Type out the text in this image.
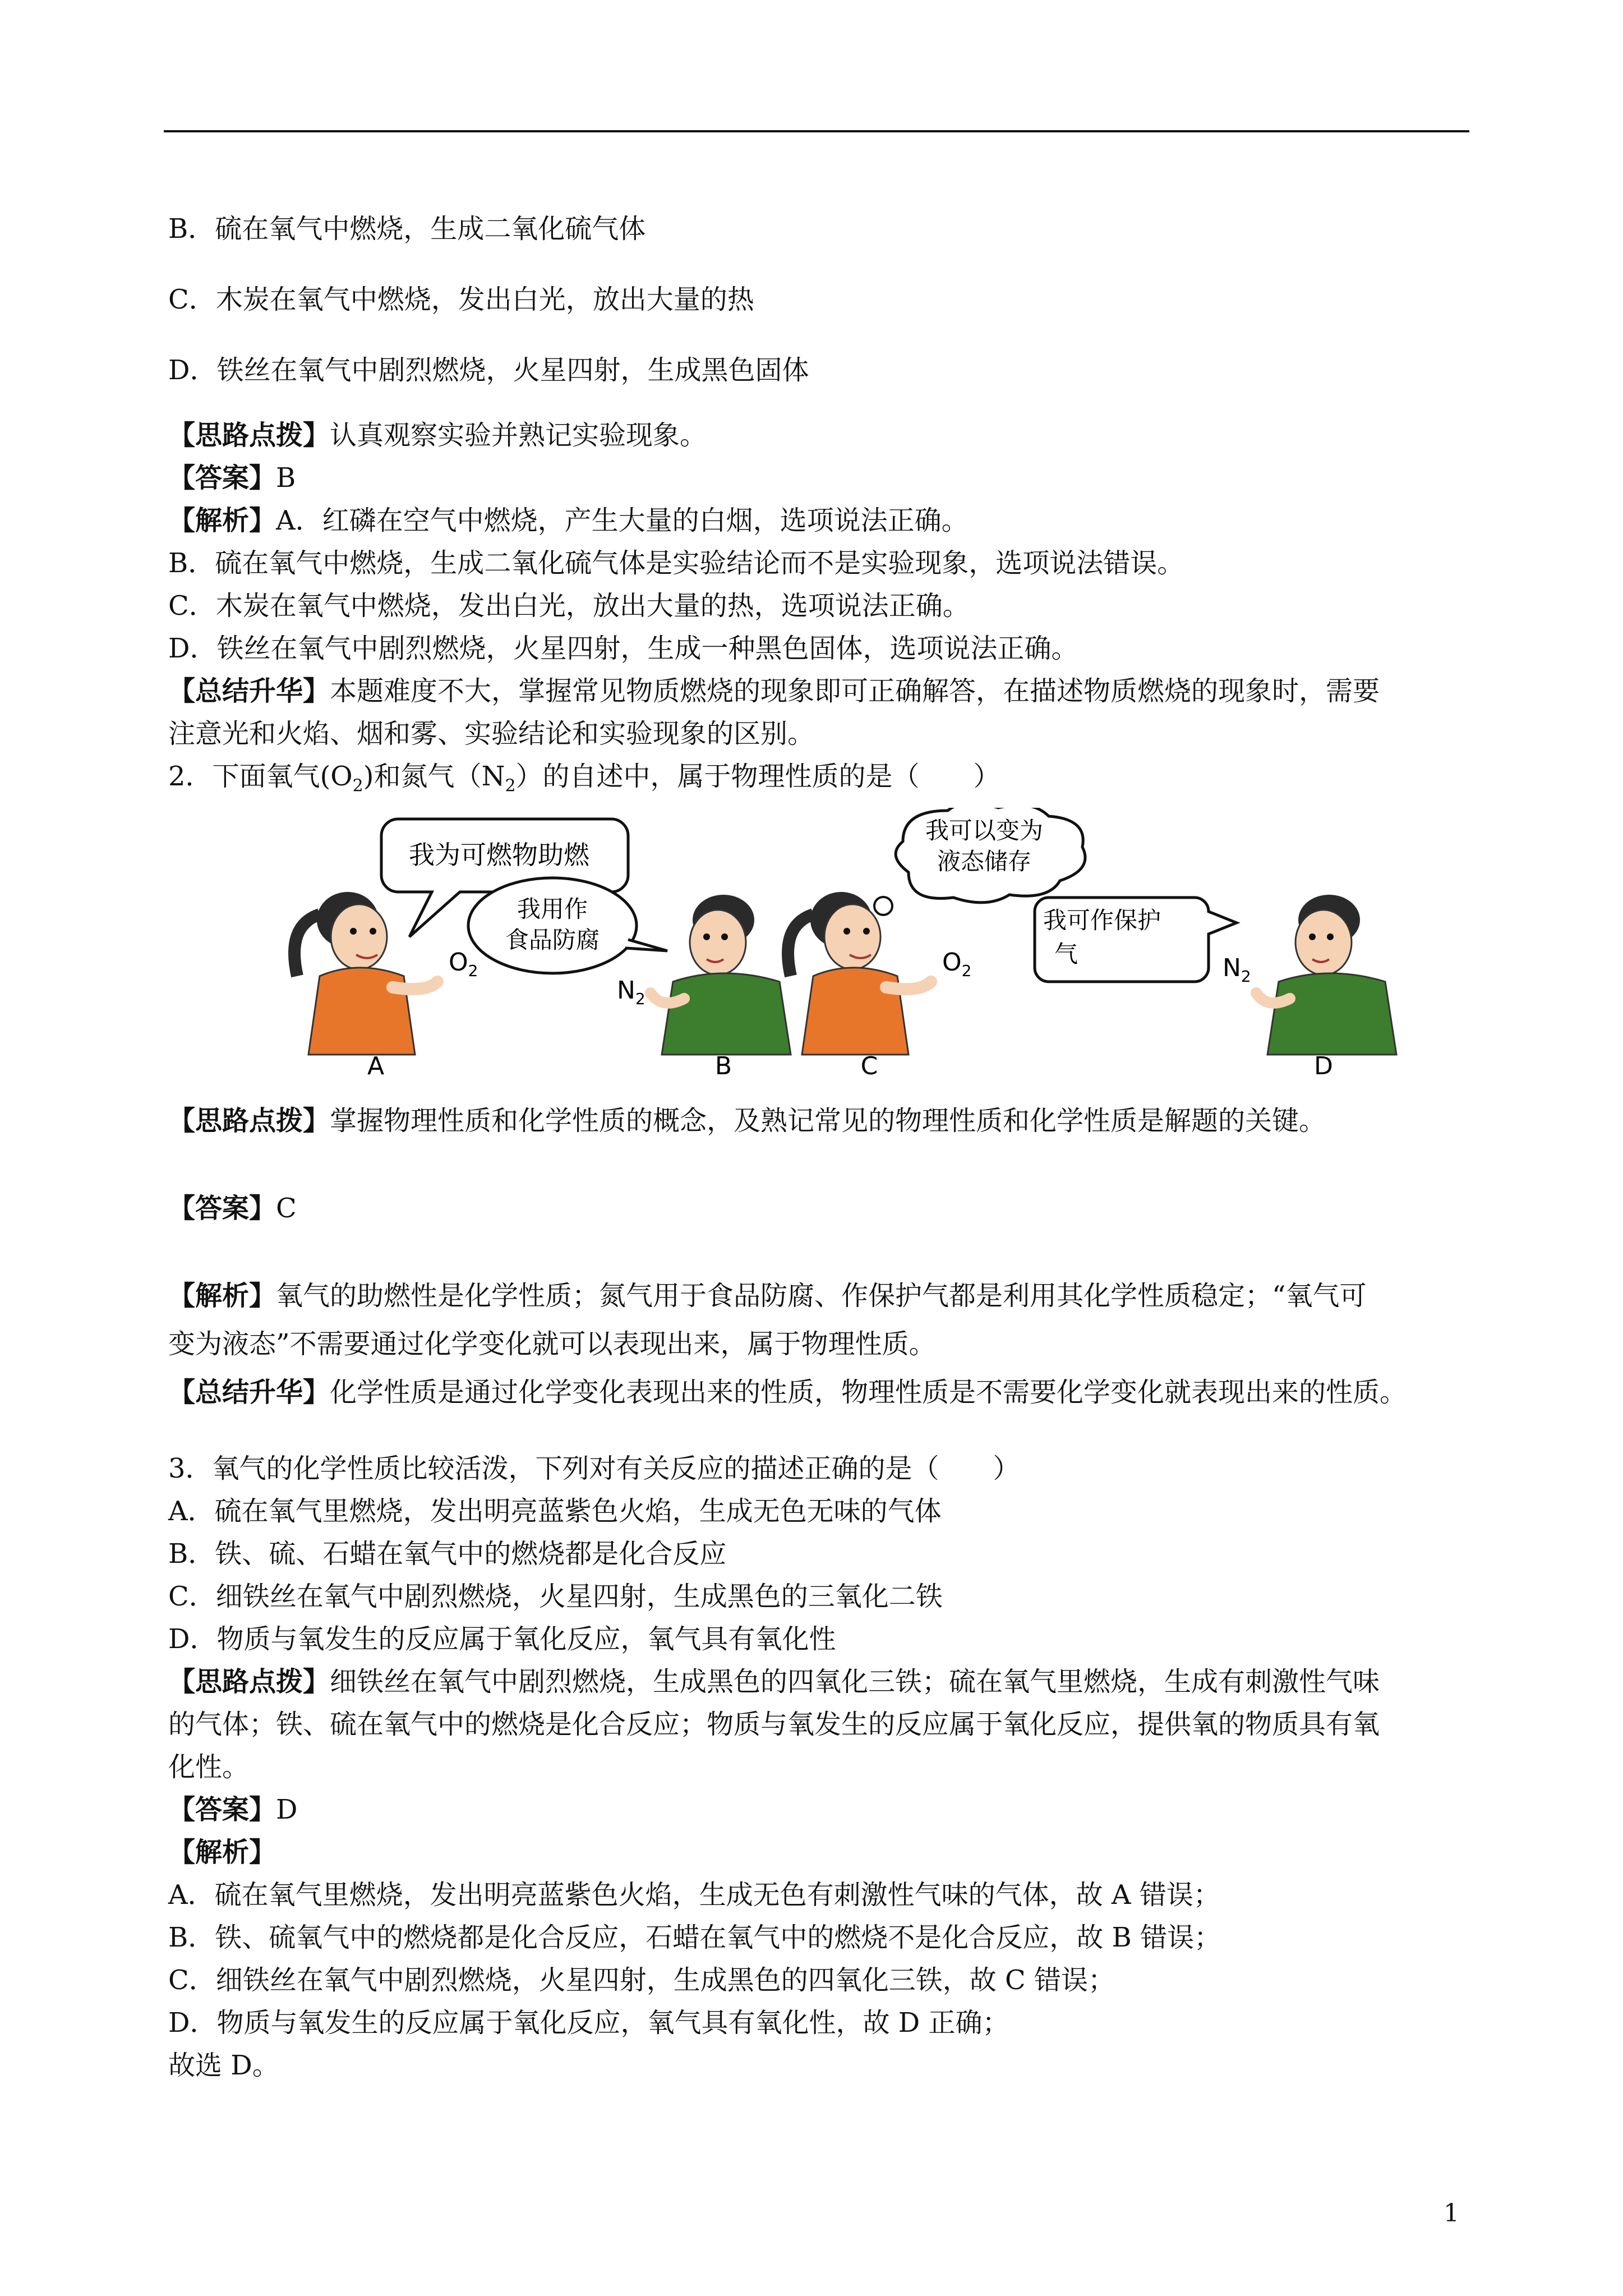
B．硫在氧气中燃烧，生成二氧化硫气体

C．木炭在氧气中燃烧，发出白光，放出大量的热

D．铁丝在氧气中剧烈燃烧，火星四射，生成黑色固体

【思路点拨】认真观察实验并熟记实验现象。

【答案】B

【解析】A．红磷在空气中燃烧，产生大量的白烟，选项说法正确。

B．硫在氧气中燃烧，生成二氧化硫气体是实验结论而不是实验现象，选项说法错误。

C．木炭在氧气中燃烧，发出白光，放出大量的热，选项说法正确。

D．铁丝在氧气中剧烈燃烧，火星四射，生成一种黑色固体，选项说法正确。

【总结升华】本题难度不大，掌握常见物质燃烧的现象即可正确解答，在描述物质燃烧的现象时，需要

注意光和火焰、烟和雾、实验结论和实验现象的区别。

2．下面氧气$(O_2)$和氮气$(N_2)$的自述中，属于物理性质的是（　　）

我为可燃物助燃
$O_2$
A
我用作
食品防腐
$N_2$
B
我可以变为
液态储存
$O_2$
C
我可作保护
气	$N_2$
D

【思路点拨】掌握物理性质和化学性质的概念，及熟记常见的物理性质和化学性质是解题的关键。

【答案】C

【解析】氧气的助燃性是化学性质；氮气用于食品防腐、作保护气都是利用其化学性质稳定；“氧气可

变为液态”不需要通过化学变化就可以表现出来，属于物理性质。

【总结升华】化学性质是通过化学变化表现出来的性质，物理性质是不需要化学变化就表现出来的性质。

3．氧气的化学性质比较活泼，下列对有关反应的描述正确的是（　　）

A．硫在氧气里燃烧，发出明亮蓝紫色火焰，生成无色无味的气体

B．铁、硫、石蜡在氧气中的燃烧都是化合反应

C．细铁丝在氧气中剧烈燃烧，火星四射，生成黑色的三氧化二铁

D．物质与氧发生的反应属于氧化反应，氧气具有氧化性

【思路点拨】细铁丝在氧气中剧烈燃烧，生成黑色的四氧化三铁；硫在氧气里燃烧，生成有刺激性气味

的气体；铁、硫在氧气中的燃烧是化合反应；物质与氧发生的反应属于氧化反应，提供氧的物质具有氧

化性。

【答案】D

【解析】

A．硫在氧气里燃烧，发出明亮蓝紫色火焰，生成无色有刺激性气味的气体，故 A 错误；

B．铁、硫氧气中的燃烧都是化合反应，石蜡在氧气中的燃烧不是化合反应，故 B 错误；

C．细铁丝在氧气中剧烈燃烧，火星四射，生成黑色的四氧化三铁，故 C 错误；

D．物质与氧发生的反应属于氧化反应，氧气具有氧化性，故 D 正确；

故选 D。

1
